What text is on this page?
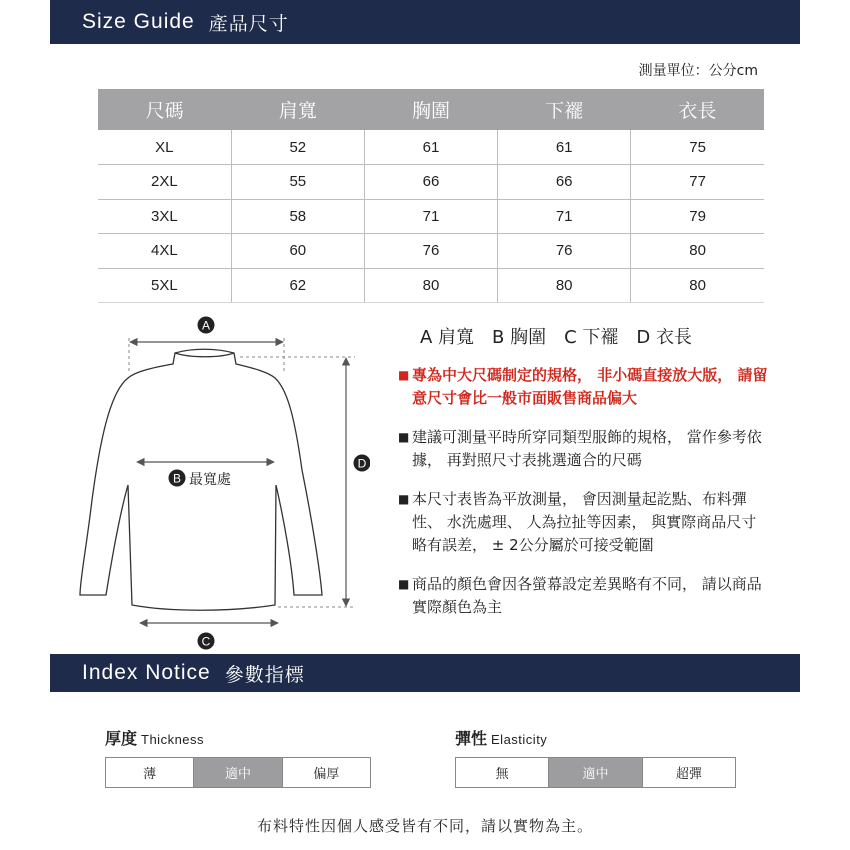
Size Guide 產品尺寸
測量單位：公分cm
尺碼	肩寬	胸圍	下襬	衣長
XL	52	61	61	75
2XL	55	66	66	77
3XL	58	71	71	79
4XL	60	76	76	80
5XL	62	80	80	80
A
B 最寬處
C
D
A 肩寬 B 胸圍 C 下襬 D 衣長
■ 專為中大尺碼制定的規格， 非小碼直接放大版， 請留意尺寸會比一般市面販售商品偏大
■ 建議可測量平時所穿同類型服飾的規格， 當作參考依據， 再對照尺寸表挑選適合的尺碼
■ 本尺寸表皆為平放測量， 會因測量起訖點、布料彈性、 水洗處理、 人為拉扯等因素， 與實際商品尺寸略有誤差， ± 2公分屬於可接受範圍
■ 商品的顏色會因各螢幕設定差異略有不同， 請以商品實際顏色為主
Index Notice 參數指標
厚度 Thickness
薄	適中	偏厚
彈性 Elasticity
無	適中	超彈
布料特性因個人感受皆有不同，請以實物為主。
